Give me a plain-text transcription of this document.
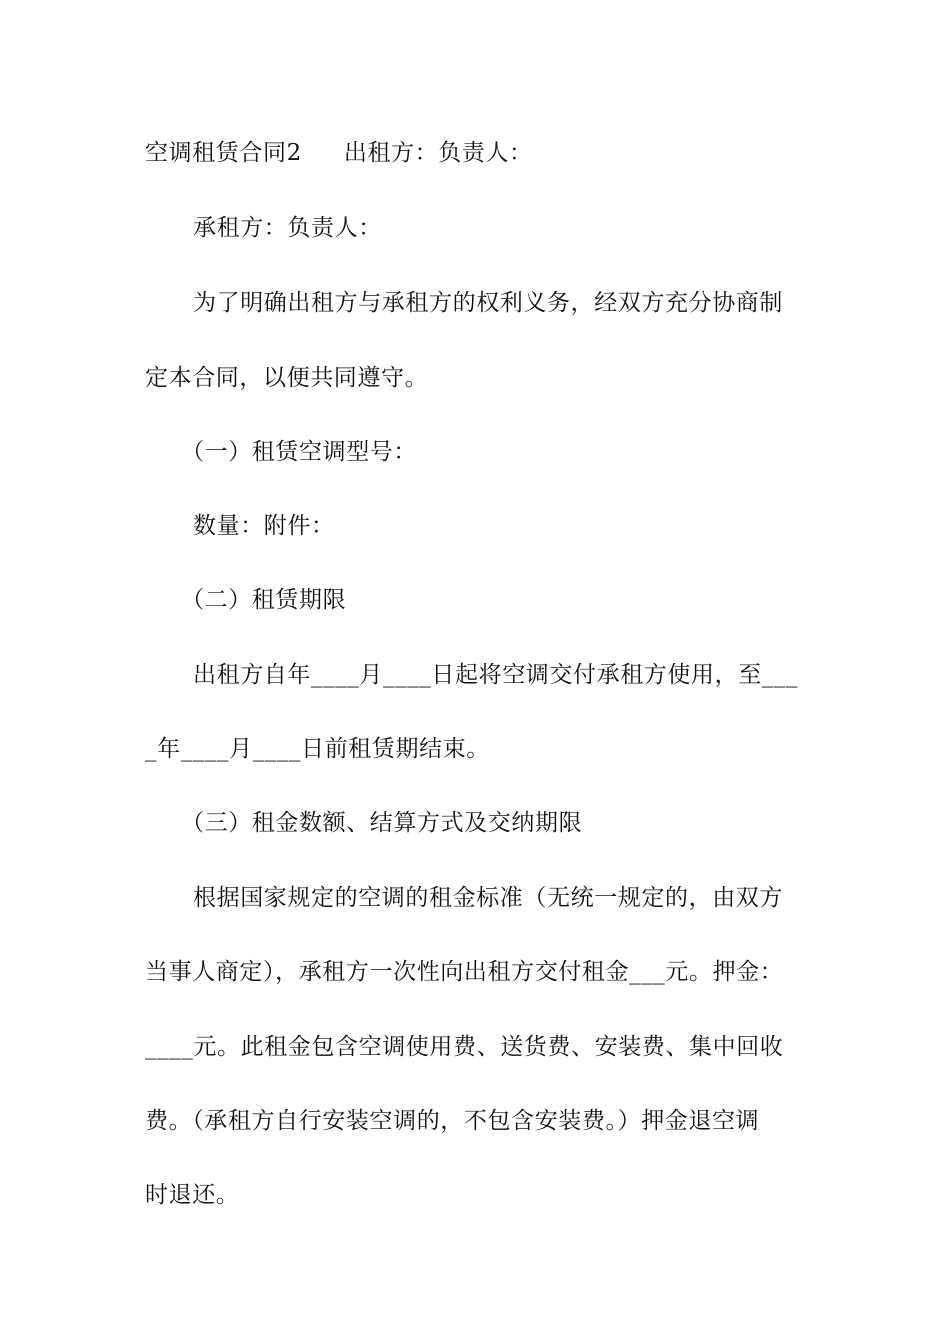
空调租赁合同2 出租方：负责人：
承租方：负责人：
为了明确出租方与承租方的权利义务，经双方充分协商制
定本合同，以便共同遵守。
（一）租赁空调型号：
数量：附件：
（二）租赁期限
出租方自年____月____日起将空调交付承租方使用，至___
_年____月____日前租赁期结束。
（三）租金数额、结算方式及交纳期限
根据国家规定的空调的租金标准（无统一规定的，由双方
当事人商定），承租方一次性向出租方交付租金___元。押金：
____元。此租金包含空调使用费、送货费、安装费、集中回收
费。（承租方自行安装空调的，不包含安装费。）押金退空调
时退还。
